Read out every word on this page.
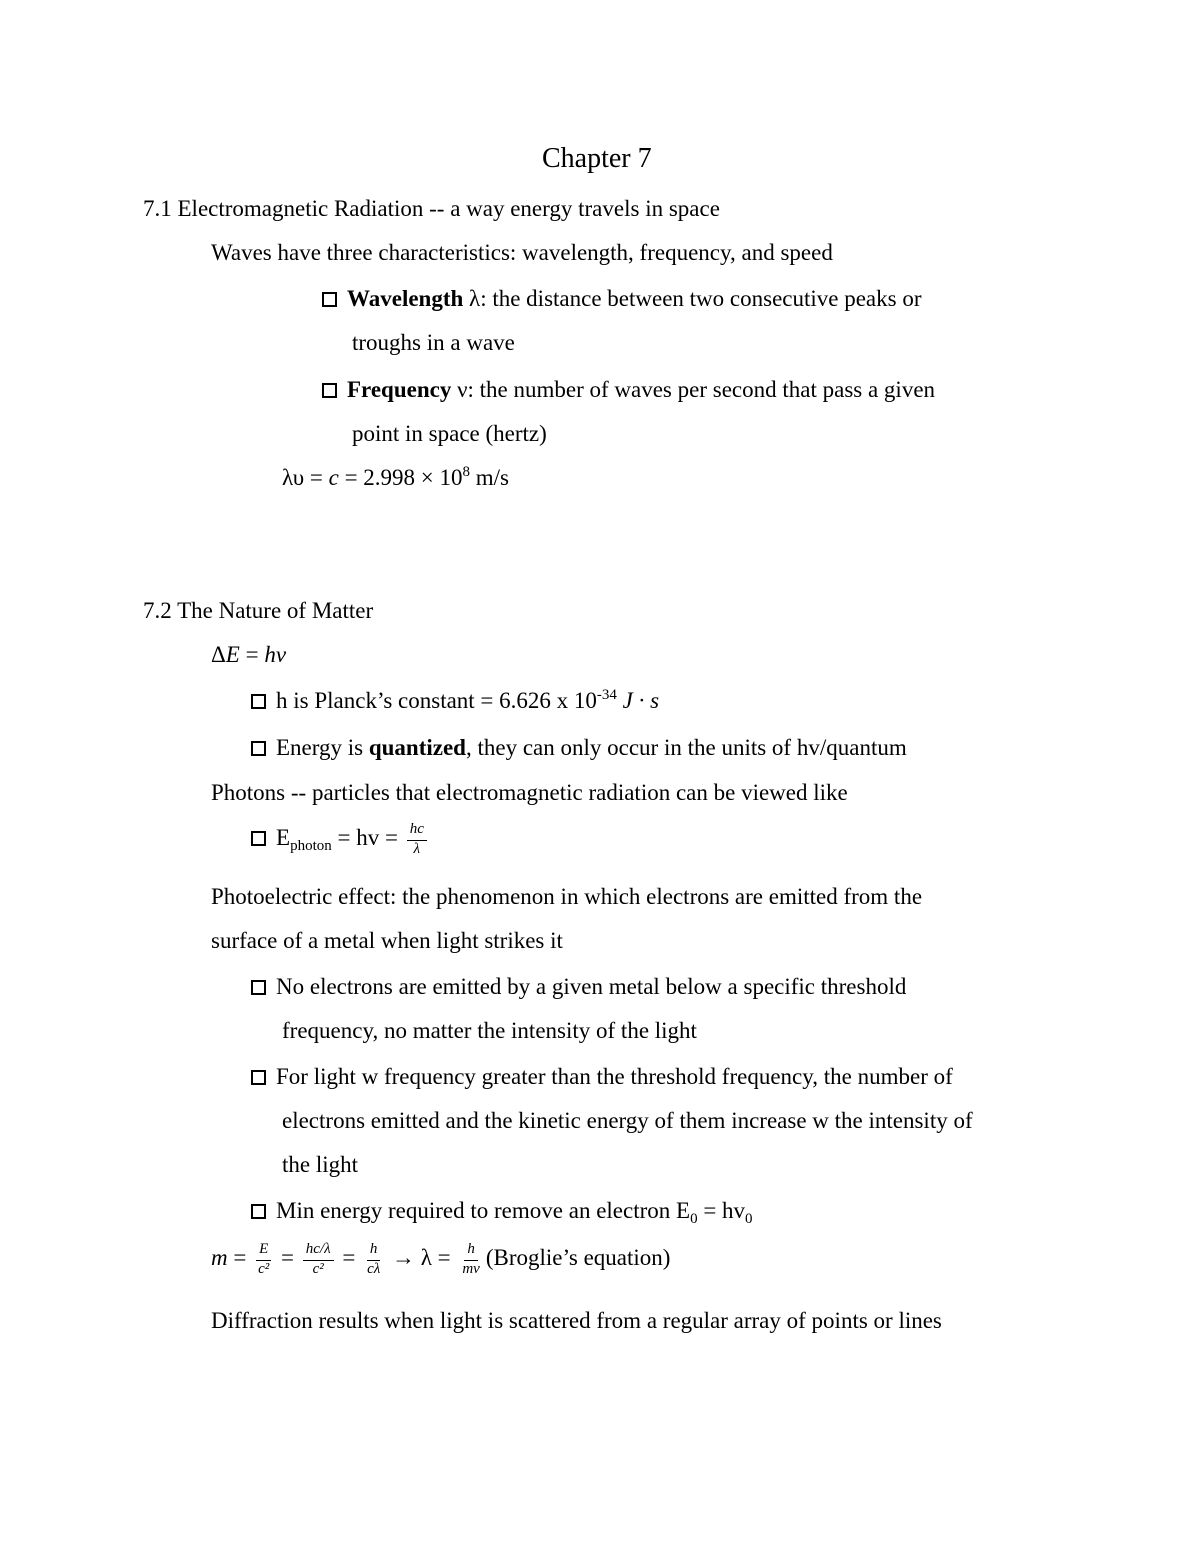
Chapter 7
7.1 Electromagnetic Radiation -- a way energy travels in space
Waves have three characteristics: wavelength, frequency, and speed
Wavelength λ: the distance between two consecutive peaks or
troughs in a wave
Frequency ν: the number of waves per second that pass a given
point in space (hertz)
$\lambda\upsilon = c = 2.998 \times 10^8$ m/s
7.2 The Nature of Matter
ΔE = hv
h is Planck’s constant = 6.626 x $10^{-34}$ J · s
Energy is quantized, they can only occur in the units of hv/quantum
Photons -- particles that electromagnetic radiation can be viewed like
$E_{photon}$ = hv = $\frac{hc}{\lambda}$
Photoelectric effect: the phenomenon in which electrons are emitted from the
surface of a metal when light strikes it
No electrons are emitted by a given metal below a specific threshold
frequency, no matter the intensity of the light
For light w frequency greater than the threshold frequency, the number of
electrons emitted and the kinetic energy of them increase w the intensity of
the light
Min energy required to remove an electron $E_0 = hv_0$
$m = \frac{E}{\text{c²}} = \frac{hc/\lambda}{\text{c²}} = \frac{h}{c\lambda} \to \lambda = \frac{h}{mv}$ (Broglie’s equation)
Diffraction results when light is scattered from a regular array of points or lines
